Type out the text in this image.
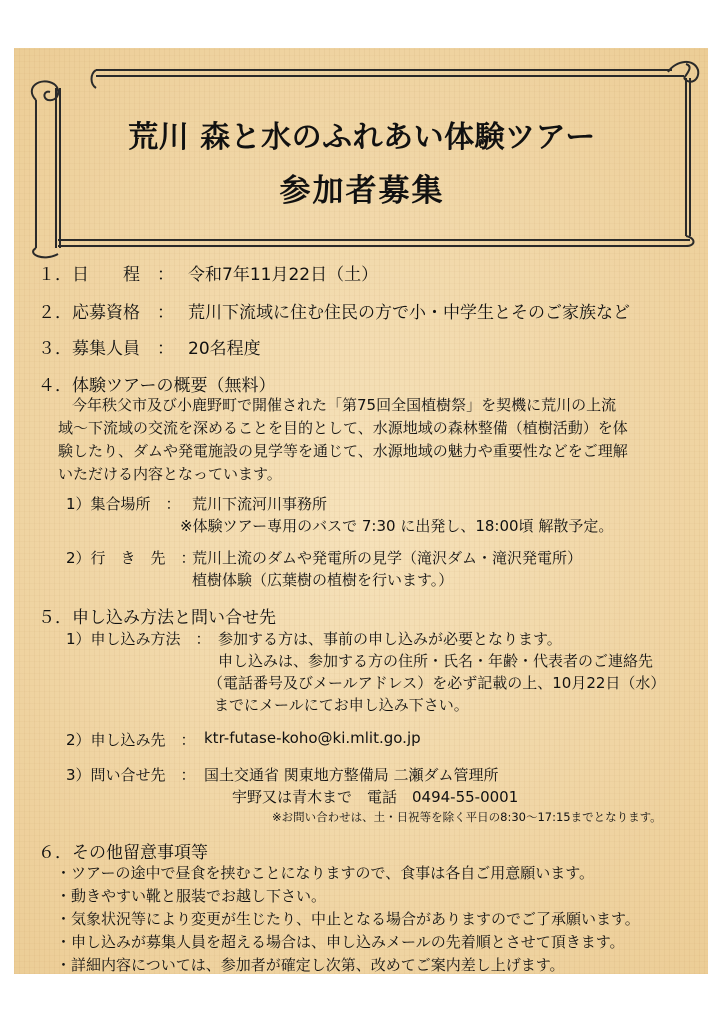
荒川 森と水のふれあい体験ツアー
参加者募集
１．日　　程　： 令和7年11月22日（土）
２．応募資格　： 荒川下流域に住む住民の方で小・中学生とそのご家族など
３．募集人員　： 20名程度
４．体験ツアーの概要（無料）
今年秩父市及び小鹿野町で開催された「第75回全国植樹祭」を契機に荒川の上流
域～下流域の交流を深めることを目的として、水源地域の森林整備（植樹活動）を体
験したり、ダムや発電施設の見学等を通じて、水源地域の魅力や重要性などをご理解
いただける内容となっています。
1）集合場所　： 荒川下流河川事務所
※体験ツアー専用のバスで 7:30 に出発し、18:00頃 解散予定。
2）行　き　先　：
荒川上流のダムや発電所の見学（滝沢ダム・滝沢発電所）
植樹体験（広葉樹の植樹を行います。）
５．申し込み方法と問い合せ先
1）申し込み方法　： 参加する方は、事前の申し込みが必要となります。
申し込みは、参加する方の住所・氏名・年齢・代表者のご連絡先
（電話番号及びメールアドレス）を必ず記載の上、10月22日（水）
までにメールにてお申し込み下さい。
2）申し込み先　： ktr-futase-koho@ki.mlit.go.jp
3）問い合せ先　： 国土交通省 関東地方整備局 二瀬ダム管理所
宇野又は青木まで　電話　0494-55-0001
※お問い合わせは、土・日祝等を除く平日の8:30～17:15までとなります。
６．その他留意事項等
・ツアーの途中で昼食を挟むことになりますので、食事は各自ご用意願います。
・動きやすい靴と服装でお越し下さい。
・気象状況等により変更が生じたり、中止となる場合がありますのでご了承願います。
・申し込みが募集人員を超える場合は、申し込みメールの先着順とさせて頂きます。
・詳細内容については、参加者が確定し次第、改めてご案内差し上げます。
